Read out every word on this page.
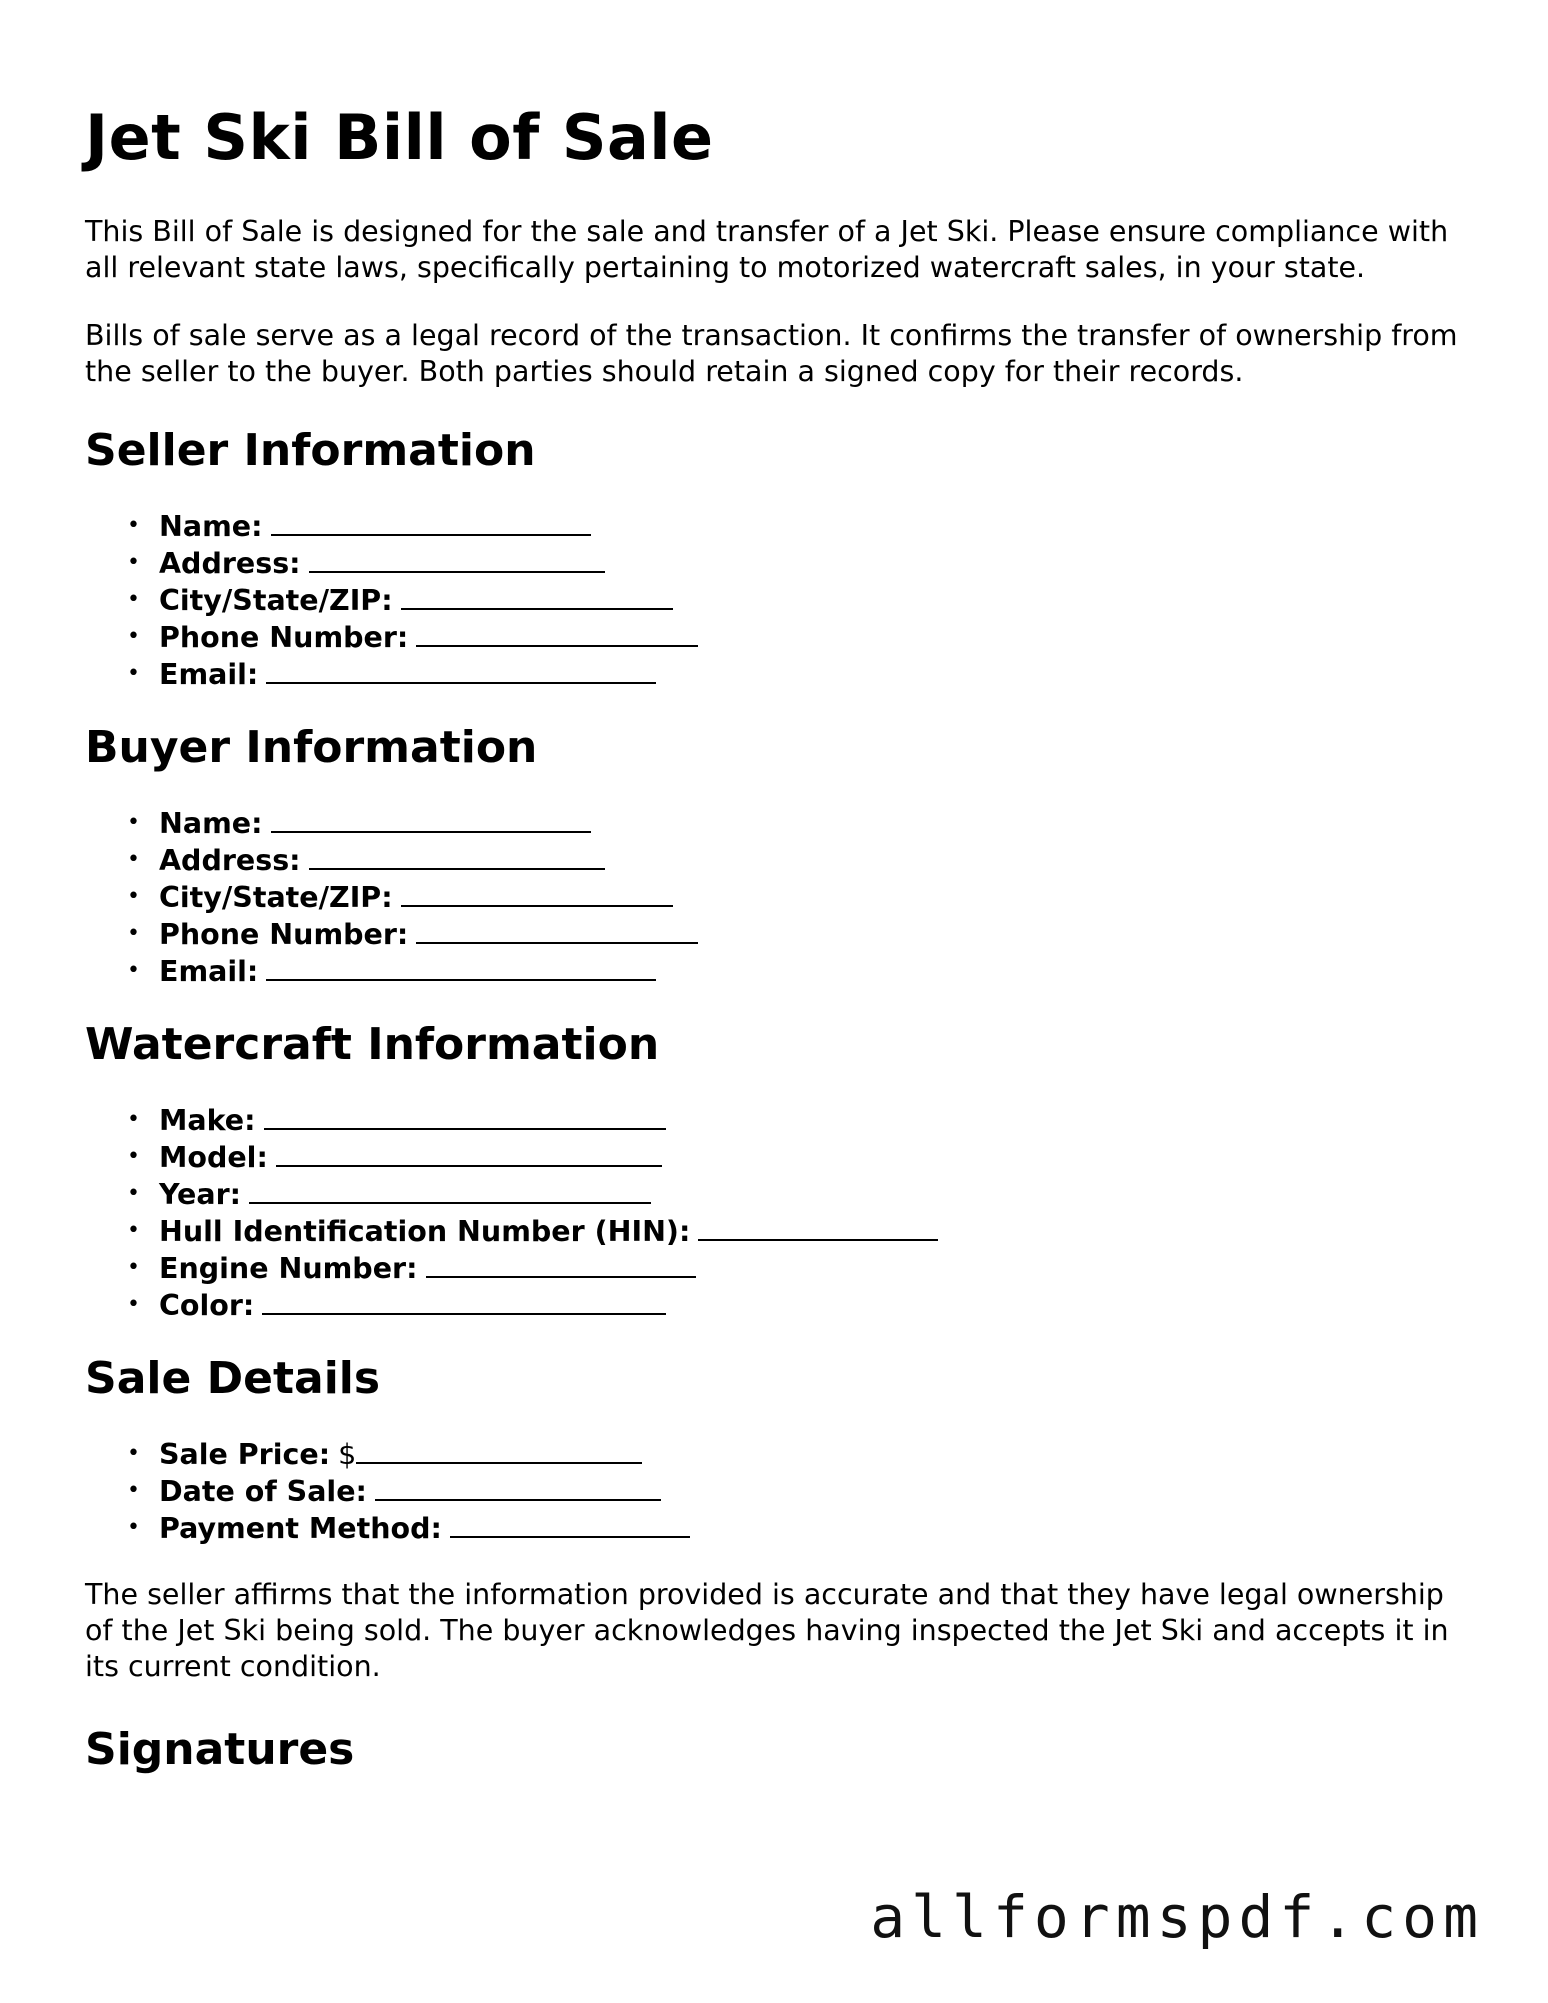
Jet Ski Bill of Sale

This Bill of Sale is designed for the sale and transfer of a Jet Ski. Please ensure compliance with all relevant state laws, specifically pertaining to motorized watercraft sales, in your state.

Bills of sale serve as a legal record of the transaction. It confirms the transfer of ownership from the seller to the buyer. Both parties should retain a signed copy for their records.

Seller Information
• Name:
• Address:
• City/State/ZIP:
• Phone Number:
• Email:
Buyer Information
• Name:
• Address:
• City/State/ZIP:
• Phone Number:
• Email:
Watercraft Information
• Make:
• Model:
• Year:
• Hull Identification Number (HIN):
• Engine Number:
• Color:
Sale Details
• Sale Price: $
• Date of Sale:
• Payment Method:

The seller affirms that the information provided is accurate and that they have legal ownership of the Jet Ski being sold. The buyer acknowledges having inspected the Jet Ski and accepts it in its current condition.

Signatures
allformspdf.com
